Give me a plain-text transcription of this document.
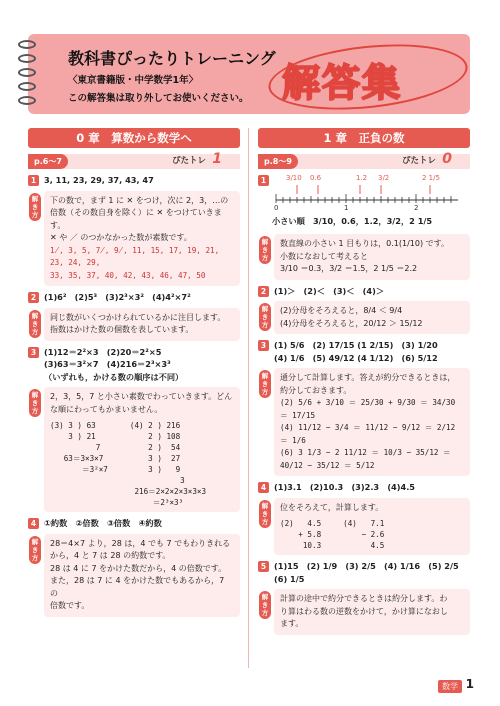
教科書ぴったりトレーニング
〈東京書籍版・中学数学1年〉
この解答集は取り外してお使いください。 解答集
0 章　算数から数学へ
p.6〜7	ぴたトレ 1
1 3, 11, 23, 29, 37, 43, 47
解き方
下の数で，まず 1 に ✕ をつけ，次に 2，3，…の
倍数（その数自身を除く）に ✕ をつけていきます。
✕ や ／ のつかなかった数が素数です。
1̸, 3, 5, 7̸, 9̸, 11, 15, 17, 19, 21, 23, 24, 29,
33, 35, 37, 40, 42, 43, 46, 47, 50
2 (1)6²　(2)5³　(3)2³×3²　(4)4²×7²
解き方
同じ数がいくつかけられているかに注目します。
指数はかけた数の個数を表しています。
3 (1)12＝2²×3　(2)20＝2²×5
(3)63＝3²×7　(4)216＝2³×3³
（いずれも，かける数の順序は不同）
解き方
2，3，5，7 と小さい素数でわっていきます。どん
な順にわってもかまいません。
(3) 3 ) 63
3 ) 21
7
63＝3×3×7
＝3²×7
(4) 2 ) 216
2 ) 108
2 )  54
3 )  27
3 )   9
3
216＝2×2×2×3×3×3
＝2³×3³
4 ①約数　②倍数　③倍数　④約数
解き方
28＝4×7 より，28 は，4 でも 7 でもわりきれる
から，4 と 7 は 28 の約数です。
28 は 4 に 7 をかけた数だから，4 の倍数です。
また，28 は 7 に 4 をかけた数でもあるから，7 の
倍数です。
1 章　正負の数
p.8〜9	ぴたトレ 0
1	3/10 0.6	1.2 3/2	2 1/5
0	1	2
小さい順　3/10，0.6，1.2，3/2，2 1/5
解き方
数直線の小さい 1 目もりは，0.1(1/10) です。
小数になおして考えると
3/10 ＝0.3，3/2 ＝1.5，2 1/5 ＝2.2
2 (1)＞　(2)＜　(3)＜　(4)＞
解き方
(2)分母をそろえると，8/4 ＜ 9/4
(4)分母をそろえると，20/12 ＞ 15/12
3 (1) 5/6　(2) 17/15 (1 2/15)　(3) 1/20
(4) 1/6　(5) 49/12 (4 1/12)　(6) 5/12
解き方
通分して計算します。答えが約分できるときは，
約分しておきます。
(2) 5/6 + 3/10 ＝ 25/30 + 9/30 ＝ 34/30 ＝ 17/15
(4) 11/12 − 3/4 ＝ 11/12 − 9/12 ＝ 2/12 ＝ 1/6
(6) 3 1/3 − 2 11/12 ＝ 10/3 − 35/12 ＝ 40/12 − 35/12 ＝ 5/12
4 (1)3.1　(2)10.3　(3)2.3　(4)4.5
解き方
位をそろえて，計算します。
(2)   4.5
+ 5.8
10.3
(4)   7.1
− 2.6
4.5
5 (1)15　(2) 1/9　(3) 2/5　(4) 1/16　(5) 2/5　(6) 1/5
解き方
計算の途中で約分できるときは約分します。わ
り算はわる数の逆数をかけて，かけ算になおし
ます。
数学 1
